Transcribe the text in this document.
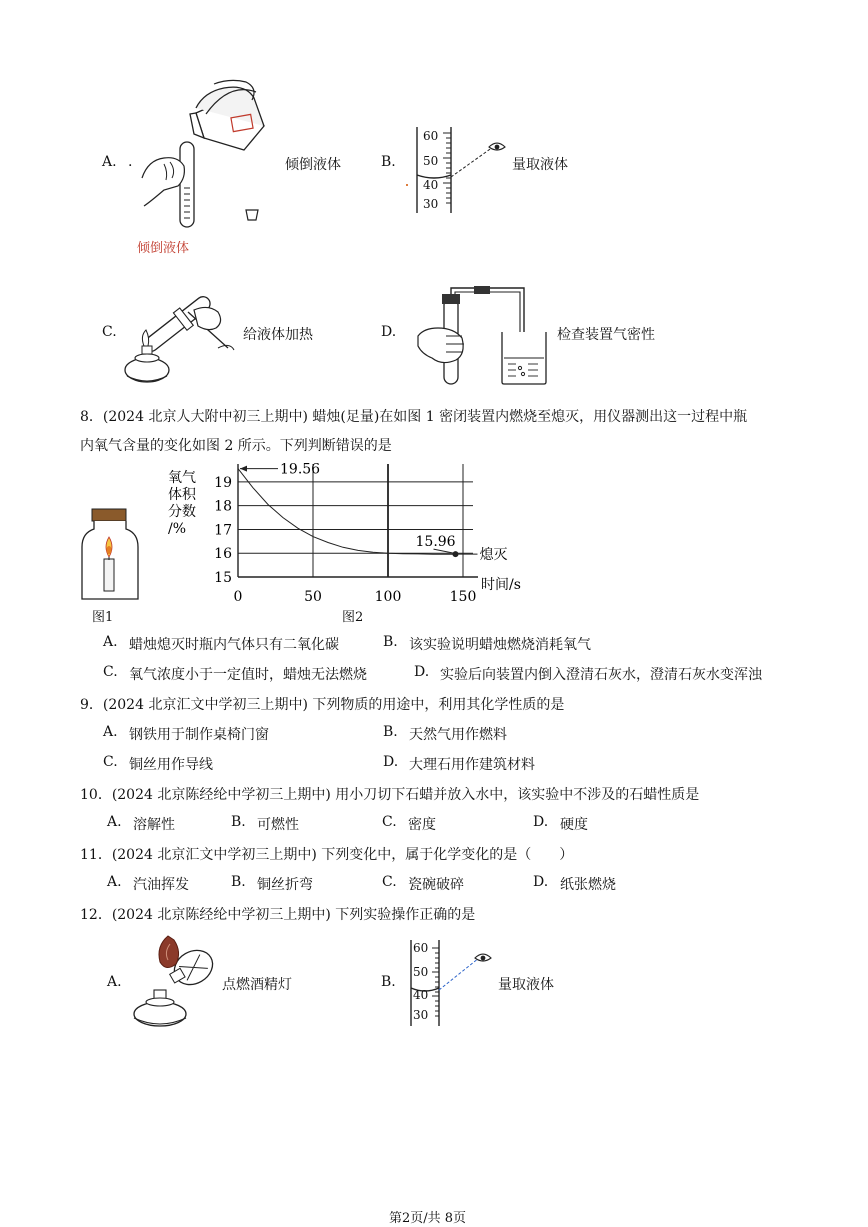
A. .
倾倒液体
倾倒液体	B.
60
50
40
30
量取液体
C.	给液体加热	D.	检查装置气密性
8．(2024 北京人大附中初三上期中) 蜡烛(足量)在如图 1 密闭装置内燃烧至熄灭，用仪器测出这一过程中瓶
内氧气含量的变化如图 2 所示。下列判断错误的是
图1
0	50	100	150
15
16
17
18
19
氧气
体积
分数
/%
时间/s
19.56
15.96
熄灭
图2
A. 蜡烛熄灭时瓶内气体只有二氧化碳	B. 该实验说明蜡烛燃烧消耗氧气
C. 氧气浓度小于一定值时，蜡烛无法燃烧	D. 实验后向装置内倒入澄清石灰水，澄清石灰水变浑浊
9．(2024 北京汇文中学初三上期中) 下列物质的用途中，利用其化学性质的是
A. 钢铁用于制作桌椅门窗	B. 天然气用作燃料
C. 铜丝用作导线	D. 大理石用作建筑材料
10．(2024 北京陈经纶中学初三上期中) 用小刀切下石蜡并放入水中，该实验中不涉及的石蜡性质是
A. 溶解性	B. 可燃性	C. 密度	D. 硬度
11．(2024 北京汇文中学初三上期中) 下列变化中，属于化学变化的是（　　）
A. 汽油挥发	B. 铜丝折弯	C. 瓷碗破碎	D. 纸张燃烧
12．(2024 北京陈经纶中学初三上期中) 下列实验操作正确的是
A.	点燃酒精灯	B.
60
50
40
30
量取液体
第2页/共 8页
